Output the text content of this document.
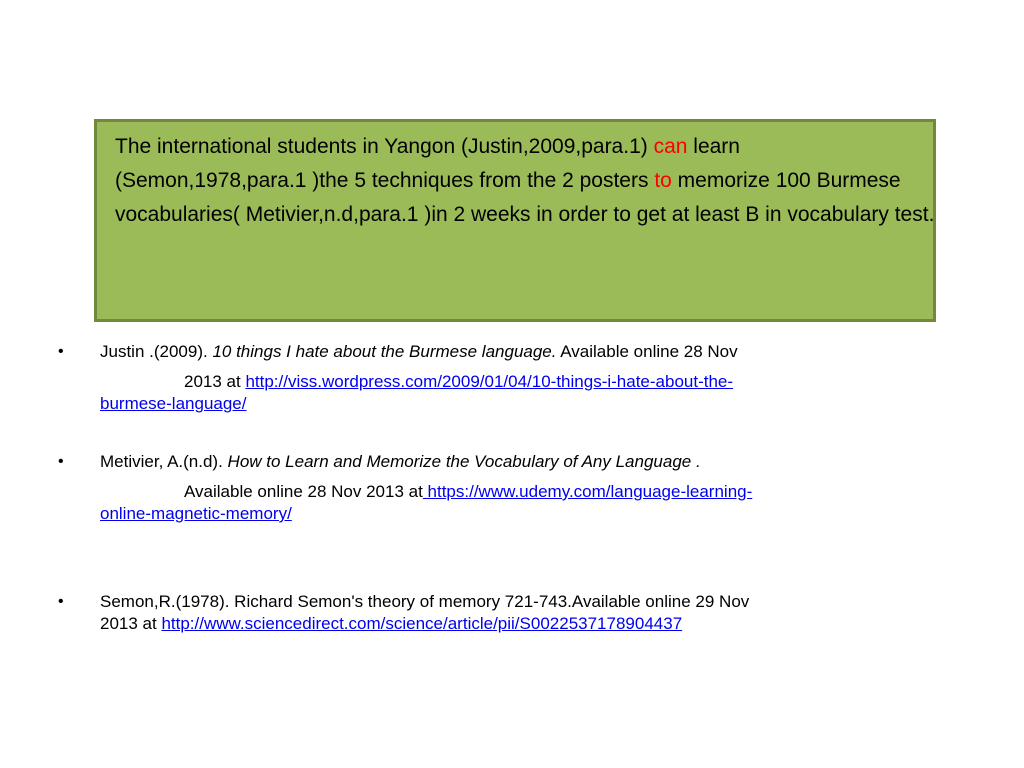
The international students in Yangon (Justin,2009,para.1) can learn (Semon,1978,para.1 )the 5 techniques from the 2 posters to memorize 100 Burmese vocabularies( Metivier,n.d,para.1 )in 2 weeks in order to get at least B in vocabulary test.
• Justin .(2009). 10 things I hate about the Burmese language. Available online 28 Nov
2013 at http://viss.wordpress.com/2009/01/04/10-things-i-hate-about-the-
burmese-language/
• Metivier, A.(n.d). How to Learn and Memorize the Vocabulary of Any Language .
Available online 28 Nov 2013 at https://www.udemy.com/language-learning-
online-magnetic-memory/
• Semon,R.(1978). Richard Semon's theory of memory 721-743.Available online 29 Nov
2013 at http://www.sciencedirect.com/science/article/pii/S0022537178904437
